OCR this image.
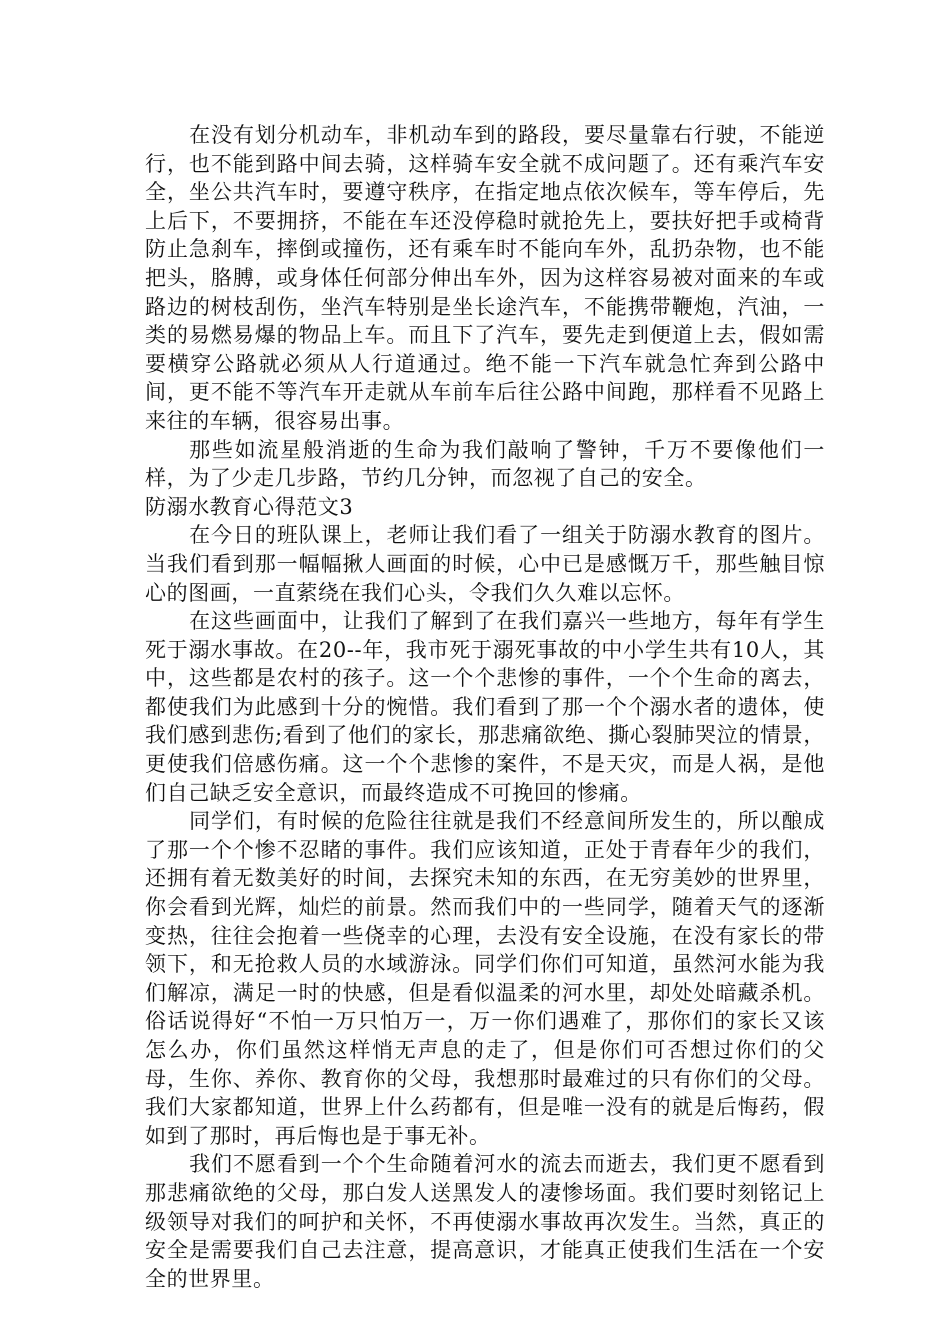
在没有划分机动车，非机动车到的路段，要尽量靠右行驶，不能逆行，也不能到路中间去骑，这样骑车安全就不成问题了。还有乘汽车安全，坐公共汽车时，要遵守秩序，在指定地点依次候车，等车停后，先上后下，不要拥挤，不能在车还没停稳时就抢先上，要扶好把手或椅背防止急刹车，摔倒或撞伤，还有乘车时不能向车外，乱扔杂物，也不能把头，胳膊，或身体任何部分伸出车外，因为这样容易被对面来的车或路边的树枝刮伤，坐汽车特别是坐长途汽车，不能携带鞭炮，汽油，一类的易燃易爆的物品上车。而且下了汽车，要先走到便道上去，假如需要横穿公路就必须从人行道通过。绝不能一下汽车就急忙奔到公路中间，更不能不等汽车开走就从车前车后往公路中间跑，那样看不见路上来往的车辆，很容易出事。

那些如流星般消逝的生命为我们敲响了警钟，千万不要像他们一样，为了少走几步路，节约几分钟，而忽视了自己的安全。

防溺水教育心得范文3

在今日的班队课上，老师让我们看了一组关于防溺水教育的图片。当我们看到那一幅幅揪人画面的时候，心中已是感慨万千，那些触目惊心的图画，一直萦绕在我们心头，令我们久久难以忘怀。

在这些画面中，让我们了解到了在我们嘉兴一些地方，每年有学生死于溺水事故。在20--年，我市死于溺死事故的中小学生共有10人，其中，这些都是农村的孩子。这一个个悲惨的事件，一个个生命的离去，都使我们为此感到十分的惋惜。我们看到了那一个个溺水者的遗体，使我们感到悲伤;看到了他们的家长，那悲痛欲绝、撕心裂肺哭泣的情景，更使我们倍感伤痛。这一个个悲惨的案件，不是天灾，而是人祸，是他们自己缺乏安全意识，而最终造成不可挽回的惨痛。

同学们，有时候的危险往往就是我们不经意间所发生的，所以酿成了那一个个惨不忍睹的事件。我们应该知道，正处于青春年少的我们，还拥有着无数美好的时间，去探究未知的东西，在无穷美妙的世界里，你会看到光辉，灿烂的前景。然而我们中的一些同学，随着天气的逐渐变热，往往会抱着一些侥幸的心理，去没有安全设施，在没有家长的带领下，和无抢救人员的水域游泳。同学们你们可知道，虽然河水能为我们解凉，满足一时的快感，但是看似温柔的河水里，却处处暗藏杀机。俗话说得好“不怕一万只怕万一，万一你们遇难了，那你们的家长又该怎么办，你们虽然这样悄无声息的走了，但是你们可否想过你们的父母，生你、养你、教育你的父母，我想那时最难过的只有你们的父母。我们大家都知道，世界上什么药都有，但是唯一没有的就是后悔药，假如到了那时，再后悔也是于事无补。

我们不愿看到一个个生命随着河水的流去而逝去，我们更不愿看到那悲痛欲绝的父母，那白发人送黑发人的凄惨场面。我们要时刻铭记上级领导对我们的呵护和关怀，不再使溺水事故再次发生。当然，真正的安全是需要我们自己去注意，提高意识，才能真正使我们生活在一个安全的世界里。
